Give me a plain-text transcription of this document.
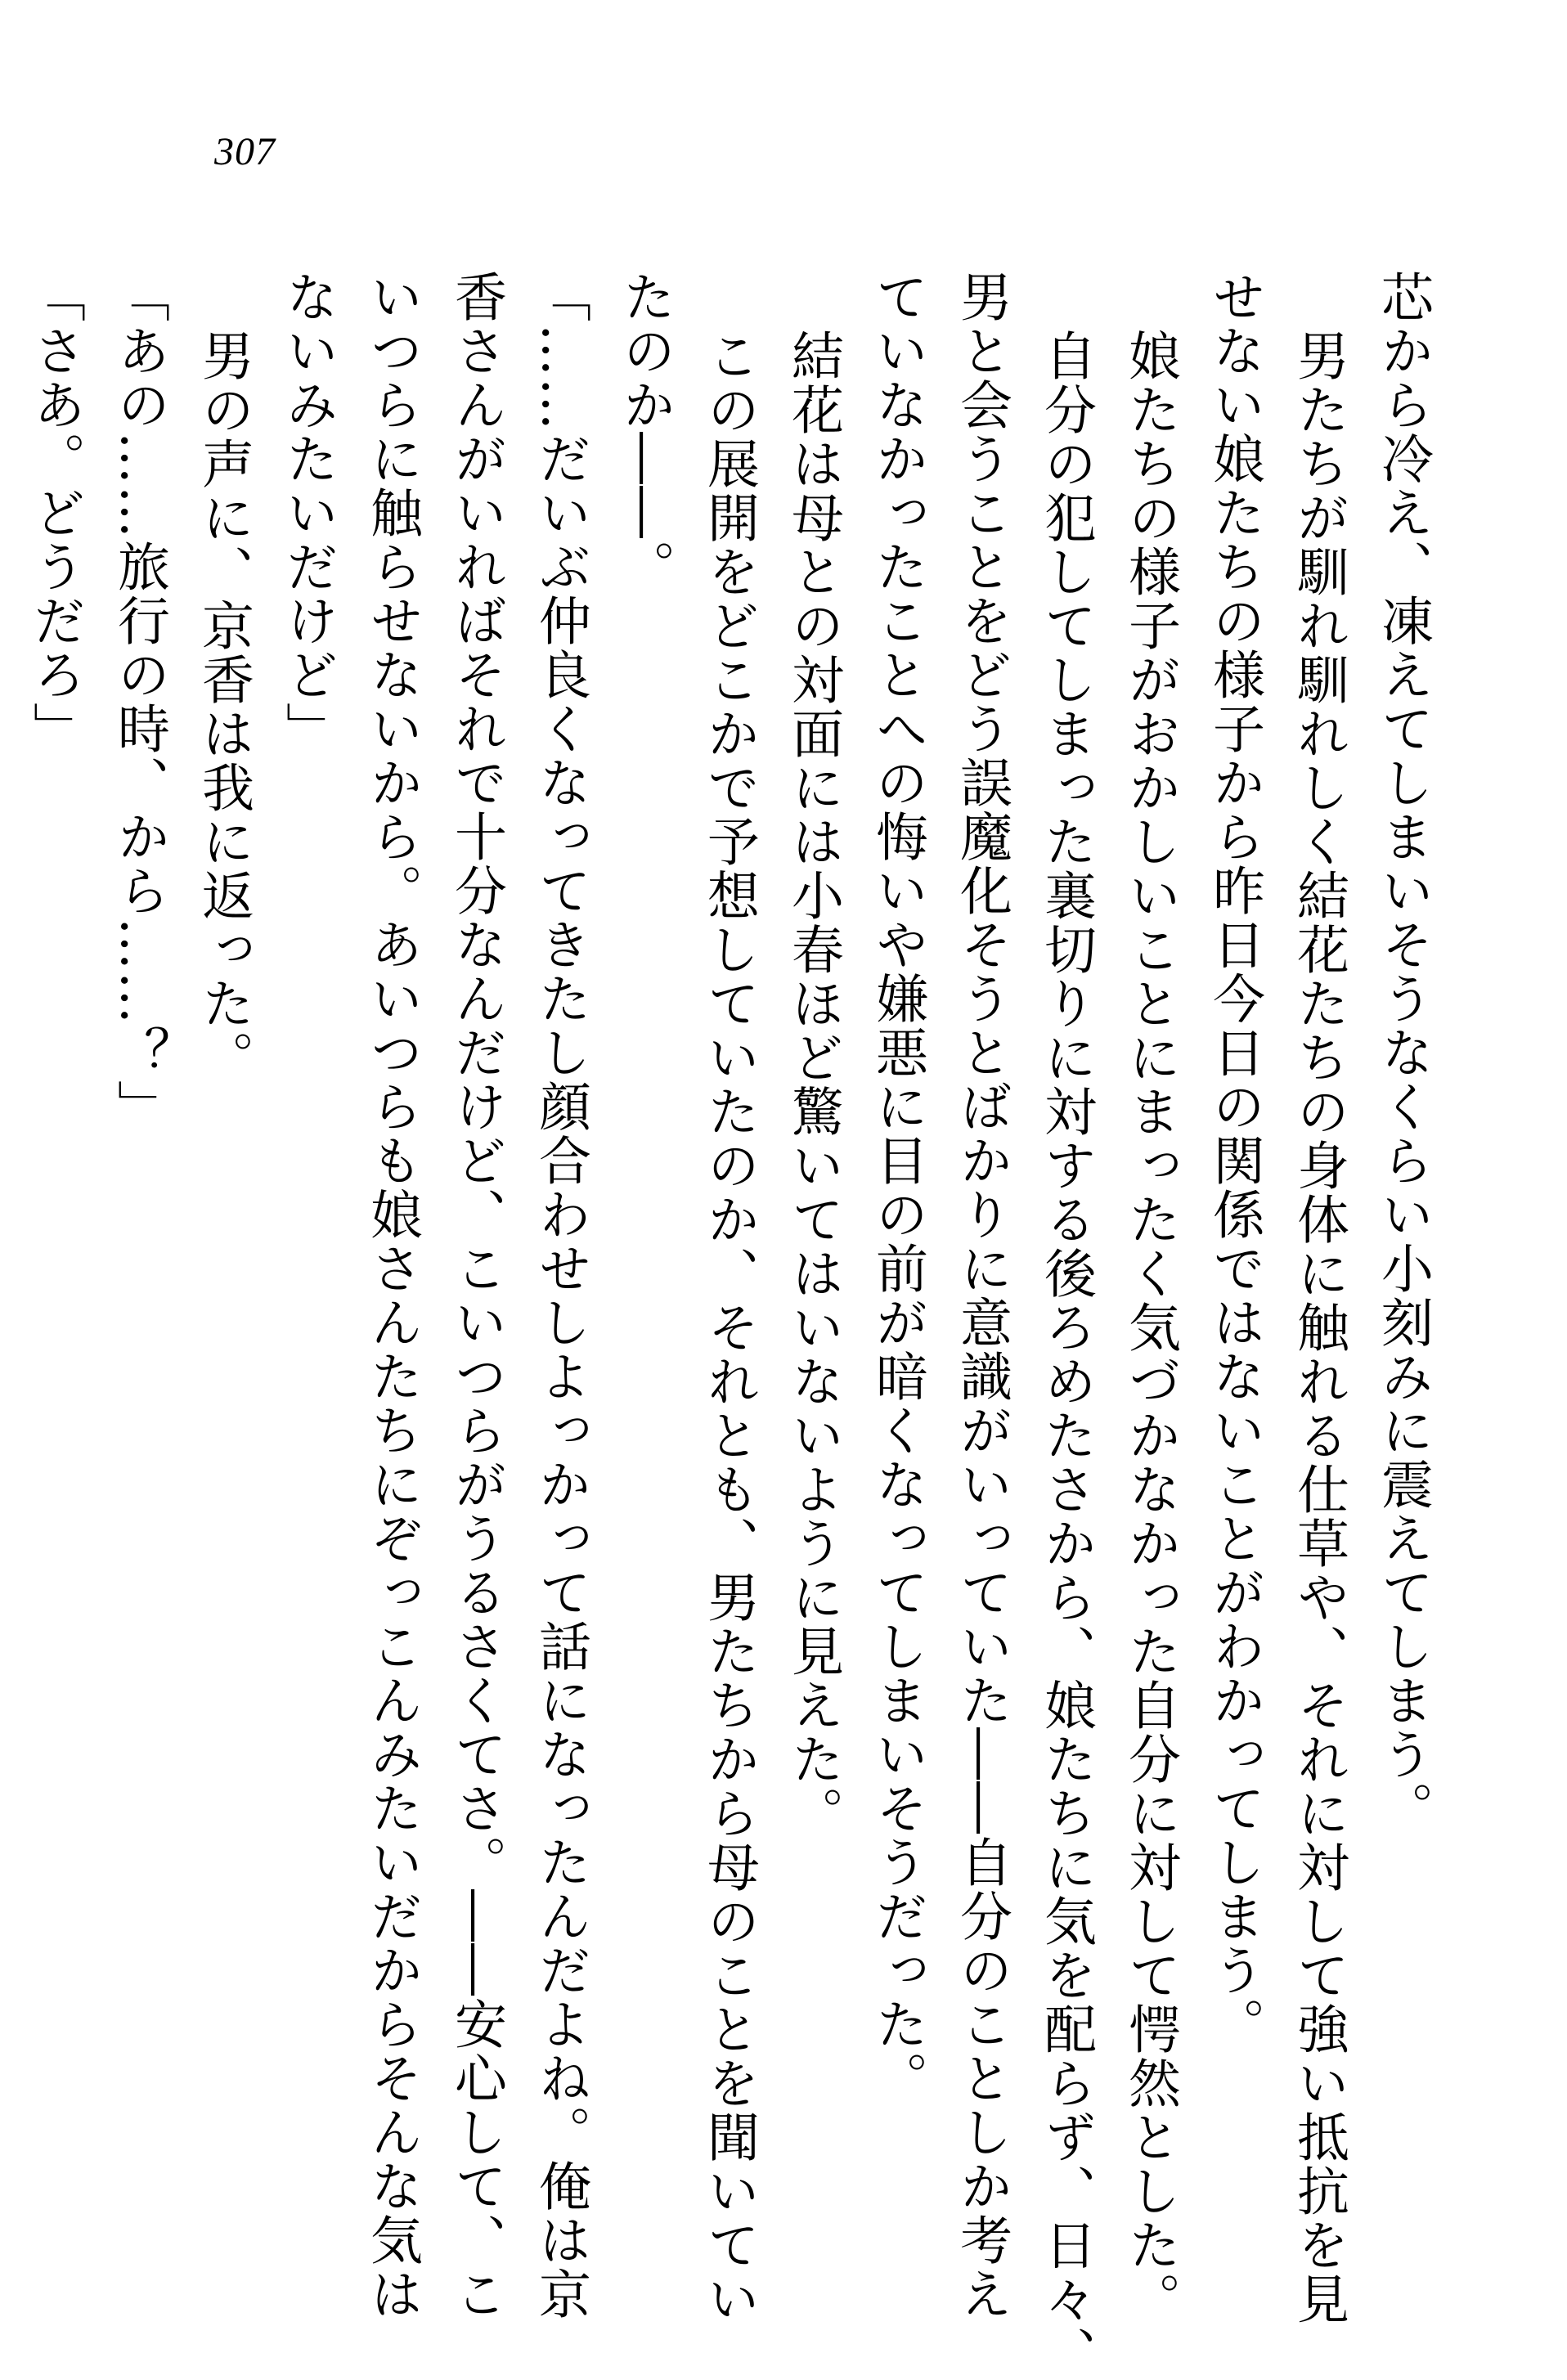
307
芯から冷え、凍えてしまいそうなくらい小刻みに震えてしまう。
男たちが馴れ馴れしく結花たちの身体に触れる仕草や、それに対して強い抵抗を見
せない娘たちの様子から昨日今日の関係ではないことがわかってしまう。
娘たちの様子がおかしいことにまったく気づかなかった自分に対して愕然とした。
自分の犯してしまった裏切りに対する後ろめたさから、娘たちに気を配らず、日々、
男と会うことをどう誤魔化そうとばかりに意識がいっていた――自分のことしか考え
ていなかったことへの悔いや嫌悪に目の前が暗くなってしまいそうだった。
結花は母との対面には小春ほど驚いてはいないように見えた。
この展開をどこかで予想していたのか、それとも、男たちから母のことを聞いてい
たのか――。
「……だいぶ仲良くなってきたし顔合わせしよっかって話になったんだよね。俺は京
香さんがいればそれで十分なんだけど、こいつらがうるさくてさ。――安心して、こ
いつらに触らせないから。あいつらも娘さんたちにぞっこんみたいだからそんな気は
ないみたいだけど」
男の声に、京香は我に返った。
「あの……旅行の時、から……？」
「さあ。どうだろ」
